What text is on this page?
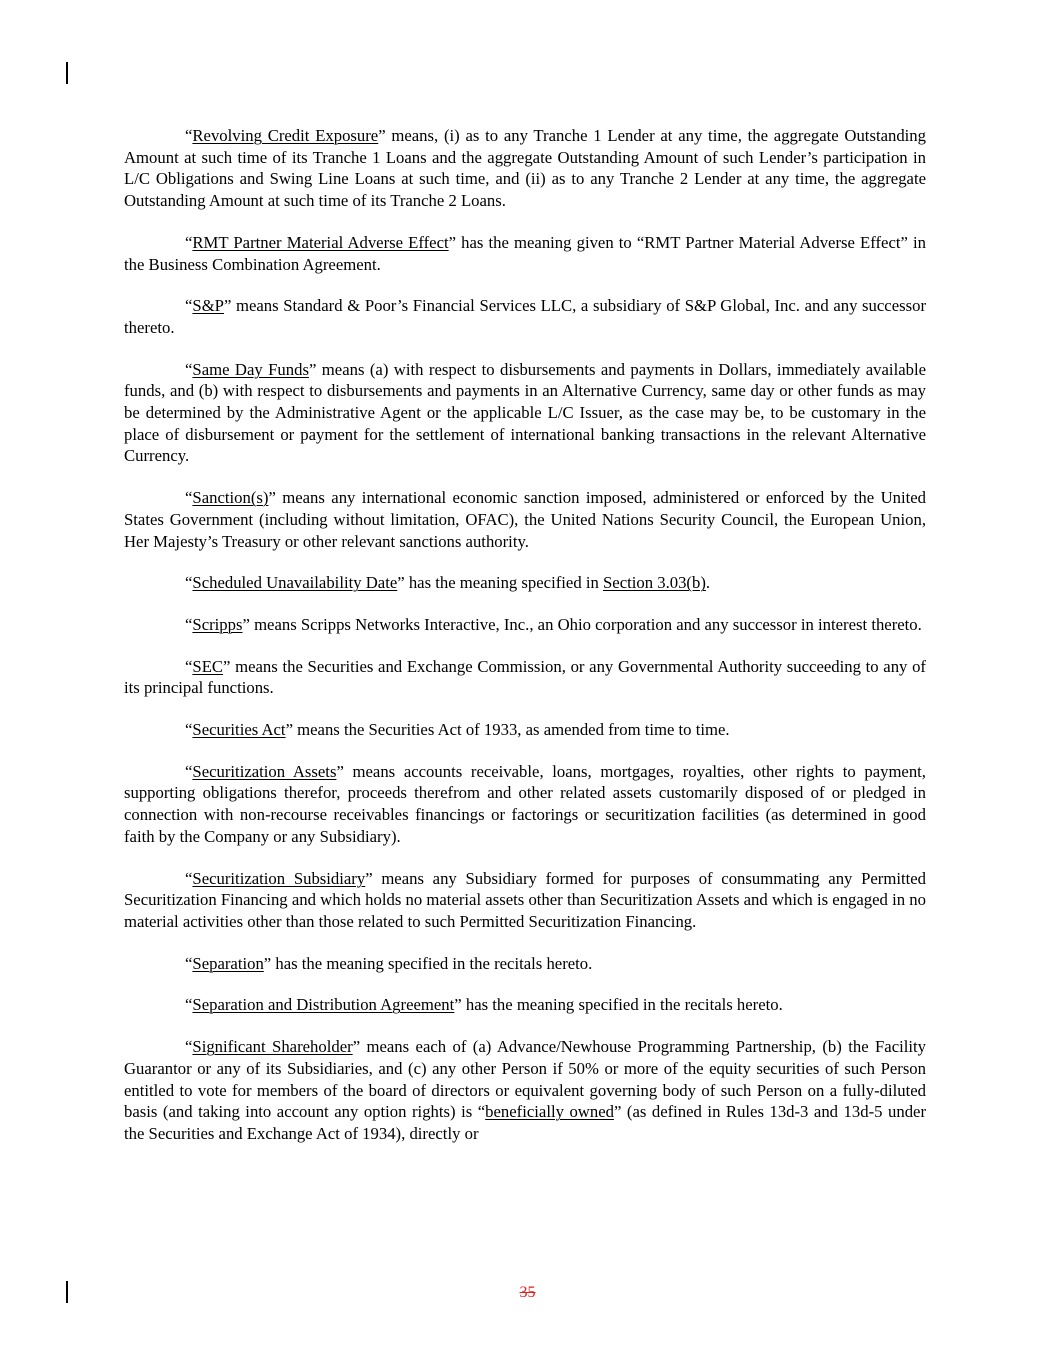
“Revolving Credit Exposure” means, (i) as to any Tranche 1 Lender at any time, the aggregate Outstanding Amount at such time of its Tranche 1 Loans and the aggregate Outstanding Amount of such Lender’s participation in L/C Obligations and Swing Line Loans at such time, and (ii) as to any Tranche 2 Lender at any time, the aggregate Outstanding Amount at such time of its Tranche 2 Loans.

“RMT Partner Material Adverse Effect” has the meaning given to “RMT Partner Material Adverse Effect” in the Business Combination Agreement.

“S&P” means Standard & Poor’s Financial Services LLC, a subsidiary of S&P Global, Inc. and any successor thereto.

“Same Day Funds” means (a) with respect to disbursements and payments in Dollars, immediately available funds, and (b) with respect to disbursements and payments in an Alternative Currency, same day or other funds as may be determined by the Administrative Agent or the applicable L/C Issuer, as the case may be, to be customary in the place of disbursement or payment for the settlement of international banking transactions in the relevant Alternative Currency.

“Sanction(s)” means any international economic sanction imposed, administered or enforced by the United States Government (including without limitation, OFAC), the United Nations Security Council, the European Union, Her Majesty’s Treasury or other relevant sanctions authority.

“Scheduled Unavailability Date” has the meaning specified in Section 3.03(b).

“Scripps” means Scripps Networks Interactive, Inc., an Ohio corporation and any successor in interest thereto.

“SEC” means the Securities and Exchange Commission, or any Governmental Authority succeeding to any of its principal functions.

“Securities Act” means the Securities Act of 1933, as amended from time to time.

“Securitization Assets” means accounts receivable, loans, mortgages, royalties, other rights to payment, supporting obligations therefor, proceeds therefrom and other related assets customarily disposed of or pledged in connection with non-recourse receivables financings or factorings or securitization facilities (as determined in good faith by the Company or any Subsidiary).

“Securitization Subsidiary” means any Subsidiary formed for purposes of consummating any Permitted Securitization Financing and which holds no material assets other than Securitization Assets and which is engaged in no material activities other than those related to such Permitted Securitization Financing.

“Separation” has the meaning specified in the recitals hereto.

“Separation and Distribution Agreement” has the meaning specified in the recitals hereto.

“Significant Shareholder” means each of (a) Advance/Newhouse Programming Partnership, (b) the Facility Guarantor or any of its Subsidiaries, and (c) any other Person if 50% or more of the equity securities of such Person entitled to vote for members of the board of directors or equivalent governing body of such Person on a fully-diluted basis (and taking into account any option rights) is “beneficially owned” (as defined in Rules 13d-3 and 13d-5 under the Securities and Exchange Act of 1934), directly or

35
